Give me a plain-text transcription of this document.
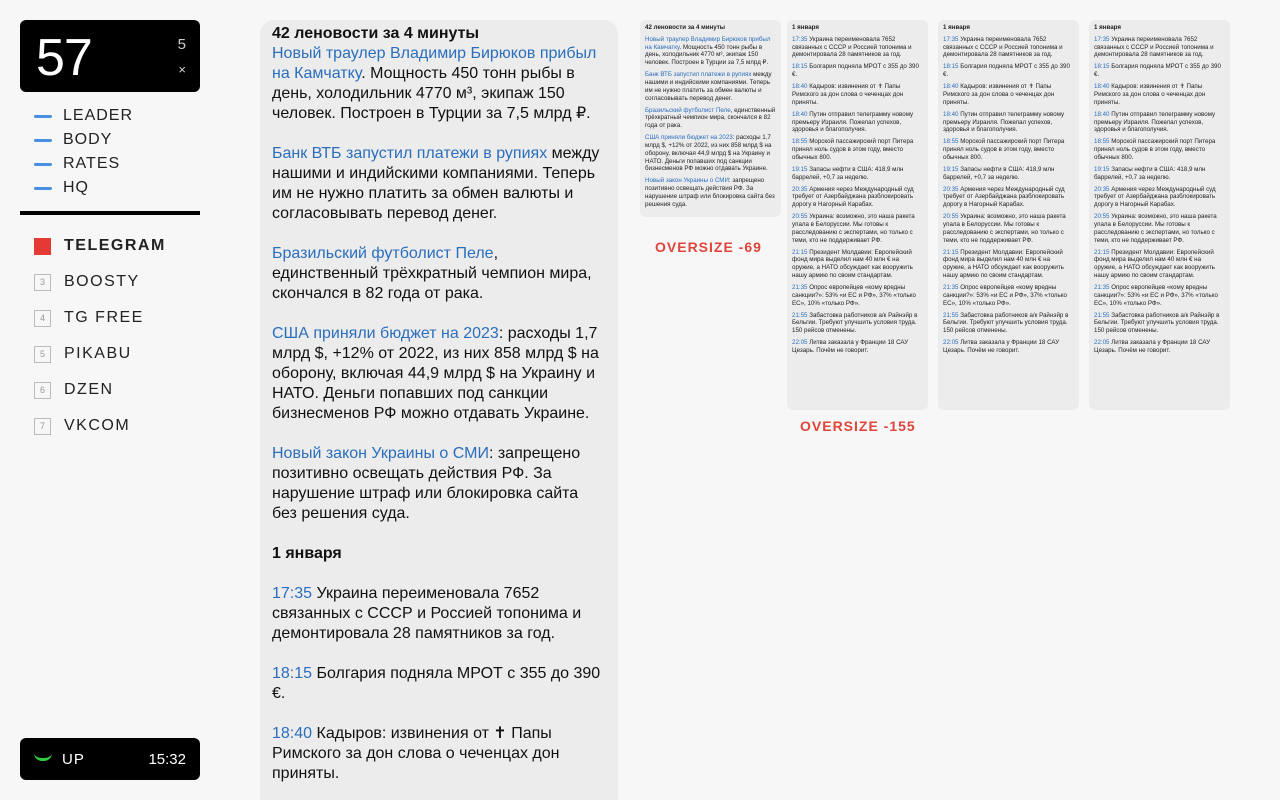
57	5
×
LEADER
BODY
RATES
HQ
TELEGRAM
3	BOOSTY
4	TG FREE
5	PIKABU
6	DZEN
7	VKCOM
UP	15:32

42 леновости за 4 минуты

Новый траулер Владимир Бирюков прибыл на Камчатку. Мощность 450 тонн рыбы в день, холодильник 4770 м³, экипаж 150 человек. Построен в Турции за 7,5 млрд ₽.

Банк ВТБ запустил платежи в рупиях между нашими и индийскими компаниями. Теперь им не нужно платить за обмен валюты и согласовывать перевод денег.

Бразильский футболист Пеле, единственный трёхкратный чемпион мира, скончался в 82 года от рака.

США приняли бюджет на 2023: расходы 1,7 млрд $, +12% от 2022, из них 858 млрд $ на оборону, включая 44,9 млрд $ на Украину и НАТО. Деньги попавших под санкции бизнесменов РФ можно отдавать Украине.

Новый закон Украины о СМИ: запрещено позитивно освещать действия РФ. За нарушение штраф или блокировка сайта без решения суда.

1 января

17:35 Украина переименовала 7652 связанных с СССР и Россией топонима и демонтировала 28 памятников за год.

18:15 Болгария подняла МРОТ с 355 до 390 €.

18:40 Кадыров: извинения от ✝ Папы Римского за дон слова о чеченцах дон приняты.

42 леновости за 4 минуты

Новый траулер Владимир Бирюков прибыл на Камчатку. Мощность 450 тонн рыбы в день, холодильник 4770 м³, экипаж 150 человек. Построен в Турции за 7,5 млрд ₽.

Банк ВТБ запустил платежи в рупиях между нашими и индийскими компаниями. Теперь им не нужно платить за обмен валюты и согласовывать перевод денег.

Бразильский футболист Пеле, единственный трёхкратный чемпион мира, скончался в 82 года от рака.

США приняли бюджет на 2023: расходы 1,7 млрд $, +12% от 2022, из них 858 млрд $ на оборону, включая 44,9 млрд $ на Украину и НАТО. Деньги попавших под санкции бизнесменов РФ можно отдавать Украине.

Новый закон Украины о СМИ: запрещено позитивно освещать действия РФ. За нарушение штраф или блокировка сайта без решения суда.

OVERSIZE -69
1 января

17:35 Украина переименовала 7652 связанных с СССР и Россией топонима и демонтировала 28 памятников за год.

18:15 Болгария подняла МРОТ с 355 до 390 €.

18:40 Кадыров: извинения от ✝ Папы Римского за дон слова о чеченцах дон приняты.

18:40 Путин отправил телеграмму новому премьеру Израиля. Пожелал успехов, здоровья и благополучия.

18:55 Морской пассажирский порт Питера принял ноль судов в этом году, вместо обычных 800.

19:15 Запасы нефти в США: 418,9 млн баррелей, +0,7 за неделю.

20:35 Армения через Международный суд требует от Азербайджана разблокировать дорогу в Нагорный Карабах.

20:55 Украина: возможно, это наша ракета упала в Белоруссии. Мы готовы к расследованию с экспертами, но только с теми, кто не поддерживает РФ.

21:15 Президент Молдавии: Европейский фонд мира выделил нам 40 млн € на оружие, а НАТО обсуждает как вооружить нашу армию по своим стандартам.

21:35 Опрос европейцев «кому вредны санкции?»: 53% «и ЕС и РФ», 37% «только ЕС», 10% «только РФ».

21:55 Забастовка работников а/к Райнэйр в Бельгии. Требуют улучшить условия труда. 150 рейсов отменены.

22:05 Литва заказала у Франции 18 САУ Цезарь. Почём не говорит.

1 января

17:35 Украина переименовала 7652 связанных с СССР и Россией топонима и демонтировала 28 памятников за год.

18:15 Болгария подняла МРОТ с 355 до 390 €.

18:40 Кадыров: извинения от ✝ Папы Римского за дон слова о чеченцах дон приняты.

18:40 Путин отправил телеграмму новому премьеру Израиля. Пожелал успехов, здоровья и благополучия.

18:55 Морской пассажирский порт Питера принял ноль судов в этом году, вместо обычных 800.

19:15 Запасы нефти в США: 418,9 млн баррелей, +0,7 за неделю.

20:35 Армения через Международный суд требует от Азербайджана разблокировать дорогу в Нагорный Карабах.

20:55 Украина: возможно, это наша ракета упала в Белоруссии. Мы готовы к расследованию с экспертами, но только с теми, кто не поддерживает РФ.

21:15 Президент Молдавии: Европейский фонд мира выделил нам 40 млн € на оружие, а НАТО обсуждает как вооружить нашу армию по своим стандартам.

21:35 Опрос европейцев «кому вредны санкции?»: 53% «и ЕС и РФ», 37% «только ЕС», 10% «только РФ».

21:55 Забастовка работников а/к Райнэйр в Бельгии. Требуют улучшить условия труда. 150 рейсов отменены.

22:05 Литва заказала у Франции 18 САУ Цезарь. Почём не говорит.

1 января

17:35 Украина переименовала 7652 связанных с СССР и Россией топонима и демонтировала 28 памятников за год.

18:15 Болгария подняла МРОТ с 355 до 390 €.

18:40 Кадыров: извинения от ✝ Папы Римского за дон слова о чеченцах дон приняты.

18:40 Путин отправил телеграмму новому премьеру Израиля. Пожелал успехов, здоровья и благополучия.

18:55 Морской пассажирский порт Питера принял ноль судов в этом году, вместо обычных 800.

19:15 Запасы нефти в США: 418,9 млн баррелей, +0,7 за неделю.

20:35 Армения через Международный суд требует от Азербайджана разблокировать дорогу в Нагорный Карабах.

20:55 Украина: возможно, это наша ракета упала в Белоруссии. Мы готовы к расследованию с экспертами, но только с теми, кто не поддерживает РФ.

21:15 Президент Молдавии: Европейский фонд мира выделил нам 40 млн € на оружие, а НАТО обсуждает как вооружить нашу армию по своим стандартам.

21:35 Опрос европейцев «кому вредны санкции?»: 53% «и ЕС и РФ», 37% «только ЕС», 10% «только РФ».

21:55 Забастовка работников а/к Райнэйр в Бельгии. Требуют улучшить условия труда. 150 рейсов отменены.

22:05 Литва заказала у Франции 18 САУ Цезарь. Почём не говорит.

OVERSIZE -155
